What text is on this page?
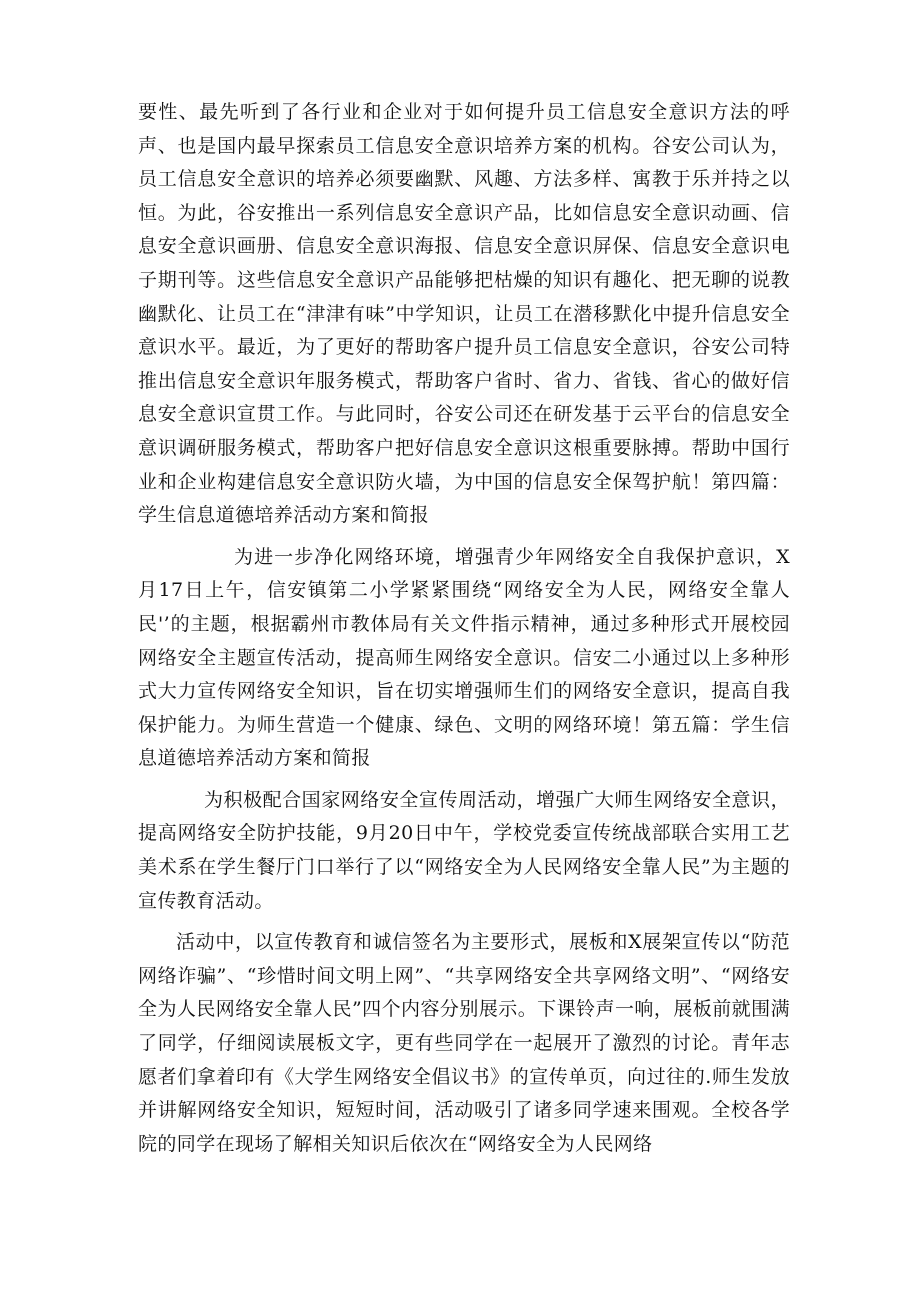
要性、最先听到了各行业和企业对于如何提升员工信息安全意识方法的呼声、也是国内最早探索员工信息安全意识培养方案的机构。谷安公司认为，员工信息安全意识的培养必须要幽默、风趣、方法多样、寓教于乐并持之以恒。为此，谷安推出一系列信息安全意识产品，比如信息安全意识动画、信息安全意识画册、信息安全意识海报、信息安全意识屏保、信息安全意识电子期刊等。这些信息安全意识产品能够把枯燥的知识有趣化、把无聊的说教幽默化、让员工在“津津有味”中学知识，让员工在潜移默化中提升信息安全意识水平。最近，为了更好的帮助客户提升员工信息安全意识，谷安公司特推出信息安全意识年服务模式，帮助客户省时、省力、省钱、省心的做好信息安全意识宣贯工作。与此同时，谷安公司还在研发基于云平台的信息安全意识调研服务模式，帮助客户把好信息安全意识这根重要脉搏。帮助中国行业和企业构建信息安全意识防火墙，为中国的信息安全保驾护航！第四篇：学生信息道德培养活动方案和简报

为进一步净化网络环境，增强青少年网络安全自我保护意识，X月17日上午，信安镇第二小学紧紧围绕“网络安全为人民，网络安全靠人民'’的主题，根据霸州市教体局有关文件指示精神，通过多种形式开展校园网络安全主题宣传活动，提高师生网络安全意识。信安二小通过以上多种形式大力宣传网络安全知识，旨在切实增强师生们的网络安全意识，提高自我保护能力。为师生营造一个健康、绿色、文明的网络环境！第五篇：学生信息道德培养活动方案和简报

为积极配合国家网络安全宣传周活动，增强广大师生网络安全意识，提高网络安全防护技能，9月20日中午，学校党委宣传统战部联合实用工艺美术系在学生餐厅门口举行了以“网络安全为人民网络安全靠人民”为主题的宣传教育活动。

活动中，以宣传教育和诚信签名为主要形式，展板和X展架宣传以“防范网络诈骗”、“珍惜时间文明上网”、“共享网络安全共享网络文明”、“网络安全为人民网络安全靠人民”四个内容分别展示。下课铃声一响，展板前就围满了同学，仔细阅读展板文字，更有些同学在一起展开了激烈的讨论。青年志愿者们拿着印有《大学生网络安全倡议书》的宣传单页，向过往的.师生发放并讲解网络安全知识，短短时间，活动吸引了诸多同学速来围观。全校各学院的同学在现场了解相关知识后依次在“网络安全为人民网络
